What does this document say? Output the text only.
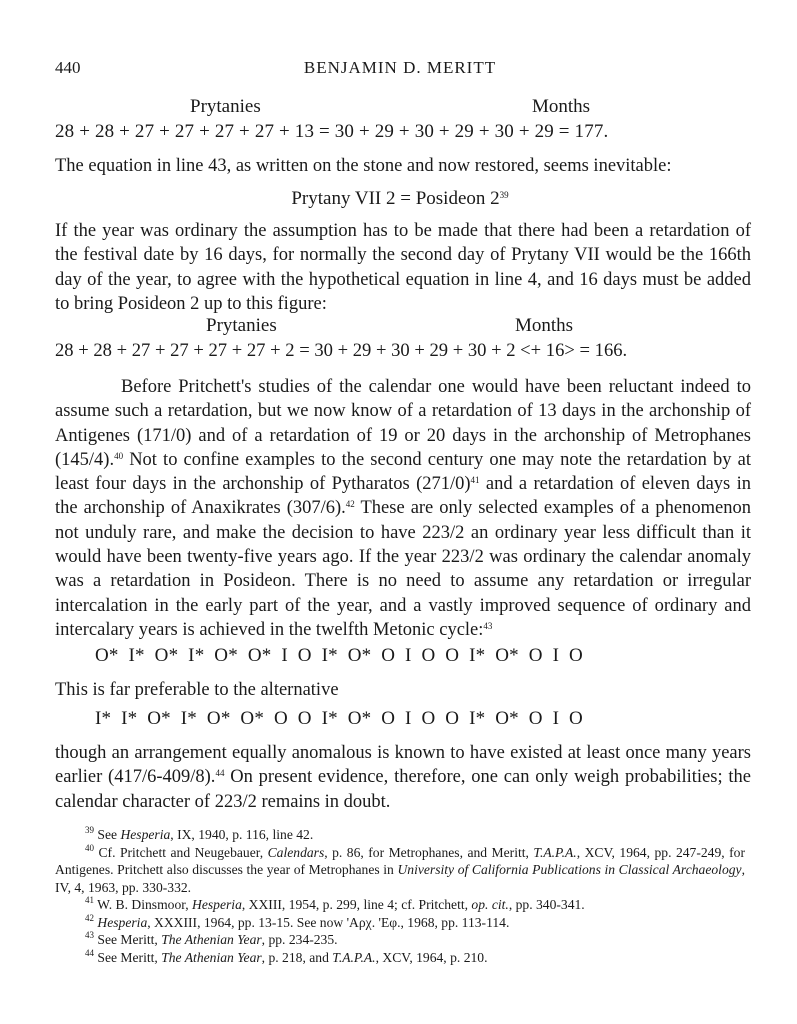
440	BENJAMIN D. MERITT
Prytanies	Months
28 + 28 + 27 + 27 + 27 + 27 + 13 = 30 + 29 + 30 + 29 + 30 + 29 = 177.

The equation in line 43, as written on the stone and now restored, seems inevitable:

Prytany VII 2 = Posideon $2^{39}$

If the year was ordinary the assumption has to be made that there had been a retardation of the festival date by 16 days, for normally the second day of Prytany VII would be the 166th day of the year, to agree with the hypothetical equation in line 4, and 16 days must be added to bring Posideon 2 up to this figure:

Prytanies	Months
28 + 28 + 27 + 27 + 27 + 27 + 2 = 30 + 29 + 30 + 29 + 30 + 2 <+ 16> = 166.

Before Pritchett's studies of the calendar one would have been reluctant indeed to assume such a retardation, but we now know of a retardation of 13 days in the archonship of Antigenes (171/0) and of a retardation of 19 or 20 days in the archonship of Metrophanes (145/4).$^{40}$ Not to confine examples to the second century one may note the retardation by at least four days in the archonship of Pytharatos $(271/0)^{41}$ and a retardation of eleven days in the archonship of Anaxikrates (307/6).$^{42}$ These are only selected examples of a phenomenon not unduly rare, and make the decision to have 223/2 an ordinary year less difficult than it would have been twenty-five years ago. If the year 223/2 was ordinary the calendar anomaly was a retardation in Posideon. There is no need to assume any retardation or irregular intercalation in the early part of the year, and a vastly improved sequence of ordinary and intercalary years is achieved in the twelfth Metonic cycle:$^{43}$

O*  I*  O*  I*  O*  O*  I  O  I*  O*  O  I  O  O  I*  O*  O  I  O

This is far preferable to the alternative

I*  I*  O*  I*  O*  O*  O  O  I*  O*  O  I  O  O  I*  O*  O  I  O

though an arrangement equally anomalous is known to have existed at least once many years earlier (417/6-409/8).$^{44}$ On present evidence, therefore, one can only weigh probabilities; the calendar character of 223/2 remains in doubt.

$^{39}$ See Hesperia, IX, 1940, p. 116, line 42.

$^{40}$ Cf. Pritchett and Neugebauer, Calendars, p. 86, for Metrophanes, and Meritt, T.A.P.A., XCV, 1964, pp. 247-249, for Antigenes. Pritchett also discusses the year of Metrophanes in University of California Publications in Classical Archaeology, IV, 4, 1963, pp. 330-332.

$^{41}$ W. B. Dinsmoor, Hesperia, XXIII, 1954, p. 299, line 4; cf. Pritchett, op. cit., pp. 340-341.

$^{42}$ Hesperia, XXXIII, 1964, pp. 13-15. See now 'Αρχ. 'Εφ., 1968, pp. 113-114.

$^{43}$ See Meritt, The Athenian Year, pp. 234-235.

$^{44}$ See Meritt, The Athenian Year, p. 218, and T.A.P.A., XCV, 1964, p. 210.
